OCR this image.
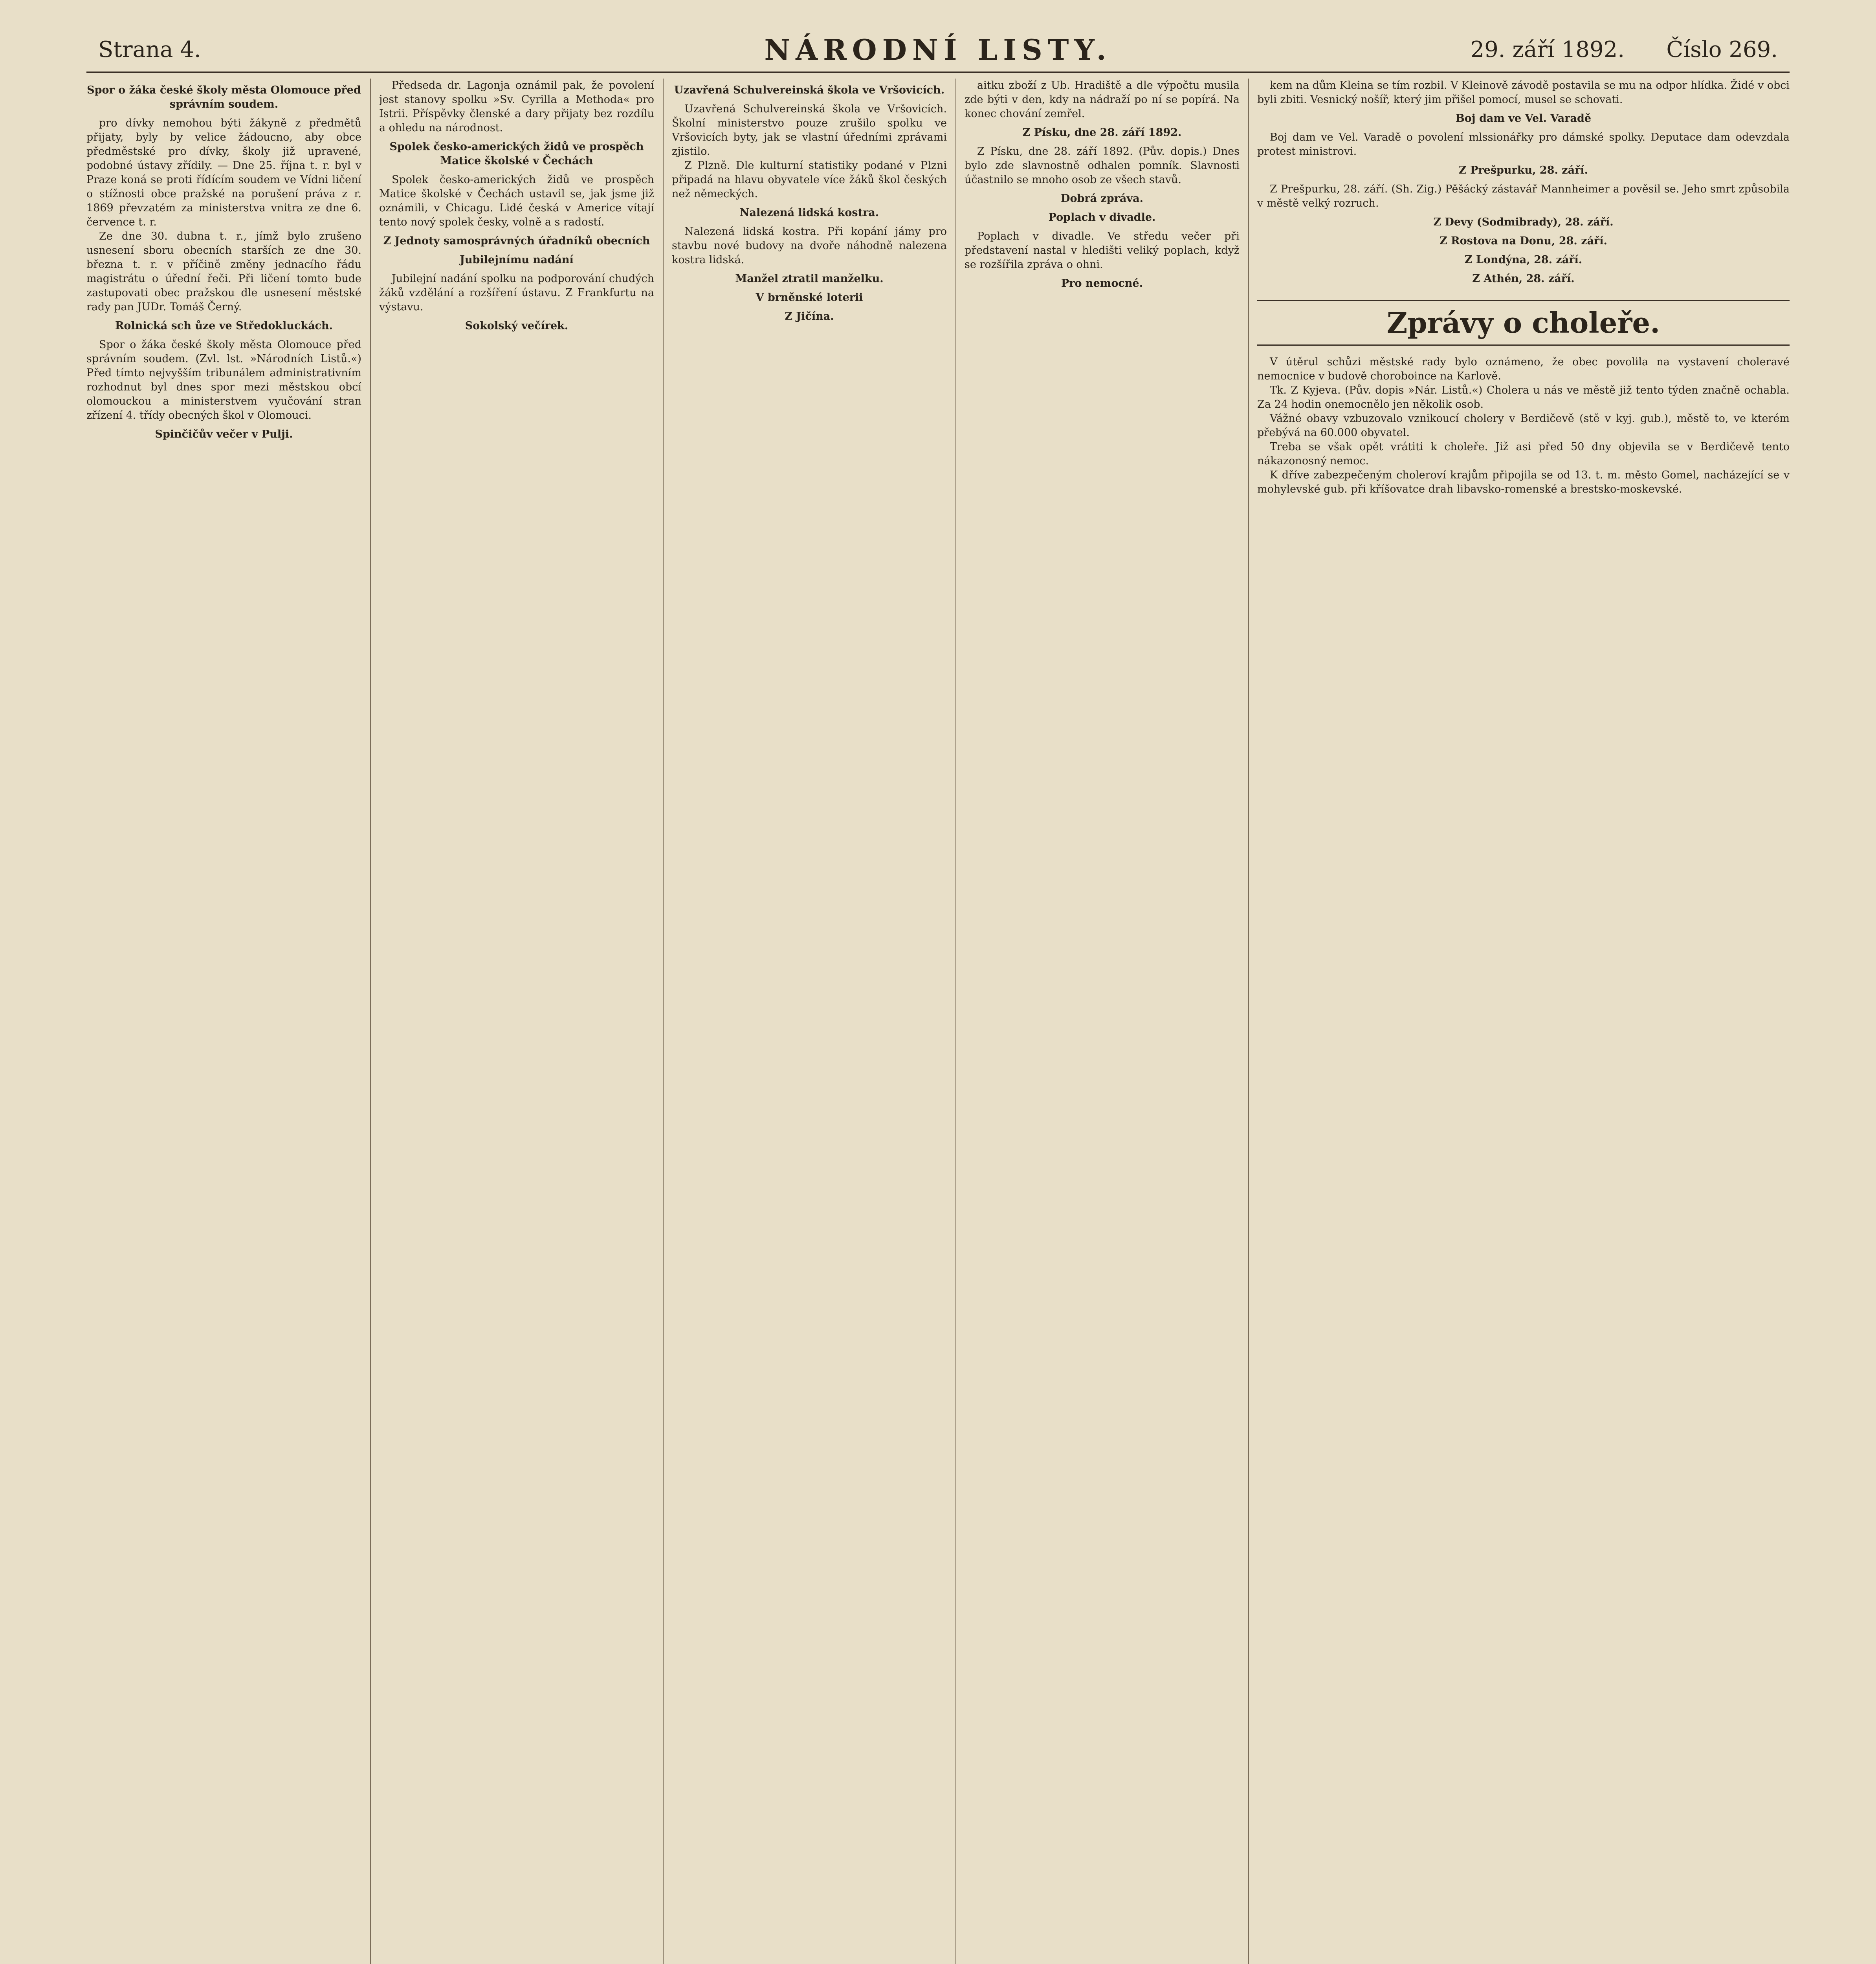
Strana 4.	NÁRODNÍ LISTY.	29. září 1892. Číslo 269.
Spor o žáka české školy města Olomouce před správním soudem.

pro dívky nemohou býti žákyně z předmětů přijaty, byly by velice žádoucno, aby obce předměstské pro dívky, školy již upravené, podobné ústavy zřídily. — Dne 25. října t. r. byl v Praze koná se proti řídícím soudem ve Vídni ličení o stížnosti obce pražské na porušení práva z r. 1869 převzatém za ministerstva vnitra ze dne 6. července t. r.

Ze dne 30. dubna t. r., jímž bylo zrušeno usnesení sboru obecních starších ze dne 30. března t. r. v příčině změny jednacího řádu magistrátu o úřední řeči. Při ličení tomto bude zastupovati obec pražskou dle usnesení městské rady pan JUDr. Tomáš Černý.

Rolnická sch ůze ve Středokluckách.

Spor o žáka české školy města Olomouce před správním soudem. (Zvl. lst. »Národních Listů.«) Před tímto nejvyšším tribunálem administrativním rozhodnut byl dnes spor mezi městskou obcí olomouckou a ministerstvem vyučování stran zřízení 4. třídy obecných škol v Olomouci.

Spinčičův večer v Pulji.

Předseda dr. Lagonja oznámil pak, že povolení jest stanovy spolku »Sv. Cyrilla a Methoda« pro Istrii. Příspěvky členské a dary přijaty bez rozdílu a ohledu na národnost.

Spolek česko-amerických židů ve prospěch Matice školské v Čechách

Spolek česko-amerických židů ve prospěch Matice školské v Čechách ustavil se, jak jsme již oznámili, v Chicagu. Lidé česká v Americe vítají tento nový spolek česky, volně a s radostí.

Z Jednoty samosprávných úřadníků obecních
Jubilejnímu nadání

Jubilejní nadání spolku na podporování chudých žáků vzdělání a rozšíření ústavu. Z Frankfurtu na výstavu.

Sokolský večírek.
Uzavřená Schulvereinská škola ve Vršovicích.

Uzavřená Schulvereinská škola ve Vršovicích. Školní ministerstvo pouze zrušilo spolku ve Vršovicích byty, jak se vlastní úředními zprávami zjistilo.

Z Plzně. Dle kulturní statistiky podané v Plzni připadá na hlavu obyvatele více žáků škol českých než německých.

Nalezená lidská kostra.

Nalezená lidská kostra. Při kopání jámy pro stavbu nové budovy na dvoře náhodně nalezena kostra lidská.

Manžel ztratil manželku.
V brněnské loterii
Z Jičína.

aitku zboží z Ub. Hradiště a dle výpočtu musila zde býti v den, kdy na nádraží po ní se popírá. Na konec chování zemřel.

Z Písku, dne 28. září 1892.

Z Písku, dne 28. září 1892. (Pův. dopis.) Dnes bylo zde slavnostně odhalen pomník. Slavnosti účastnilo se mnoho osob ze všech stavů.

Dobrá zpráva.
Poplach v divadle.

Poplach v divadle. Ve středu večer při představení nastal v hledišti veliký poplach, když se rozšířila zpráva o ohni.

Pro nemocné.

kem na dům Kleina se tím rozbil. V Kleinově závodě postavila se mu na odpor hlídka. Židé v obci byli zbiti. Vesnický nošíř, který jim přišel pomocí, musel se schovati.

Boj dam ve Vel. Varadě

Boj dam ve Vel. Varadě o povolení mlssionářky pro dámské spolky. Deputace dam odevzdala protest ministrovi.

Z Prešpurku, 28. září.

Z Prešpurku, 28. září. (Sh. Zig.) Pěšácký zástavář Mannheimer a pověsil se. Jeho smrt způsobila v městě velký rozruch.

Z Devy (Sodmibrady), 28. září.
Z Rostova na Donu, 28. září.
Z Londýna, 28. září.
Z Athén, 28. září.
Zprávy o choleře.

V útěrul schůzi městské rady bylo oznámeno, že obec povolila na vystavení choleravé nemocnice v budově choroboince na Karlově.

Tk. Z Kyjeva. (Pův. dopis »Nár. Listů.«) Cholera u nás ve městě již tento týden značně ochabla. Za 24 hodin onemocnělo jen několik osob.

Vážné obavy vzbuzovalo vznikoucí cholery v Berdičevě (stě v kyj. gub.), městě to, ve kterém přebývá na 60.000 obyvatel.

Treba se však opět vrátiti k choleře. Již asi před 50 dny objevila se v Berdičevě tento nákazonosný nemoc.

K dříve zabezpečeným choleroví krajům připojila se od 13. t. m. město Gomel, nacházející se v mohylevské gub. při kříšovatce drah libavsko-romenské a brestsko-moskevské.
